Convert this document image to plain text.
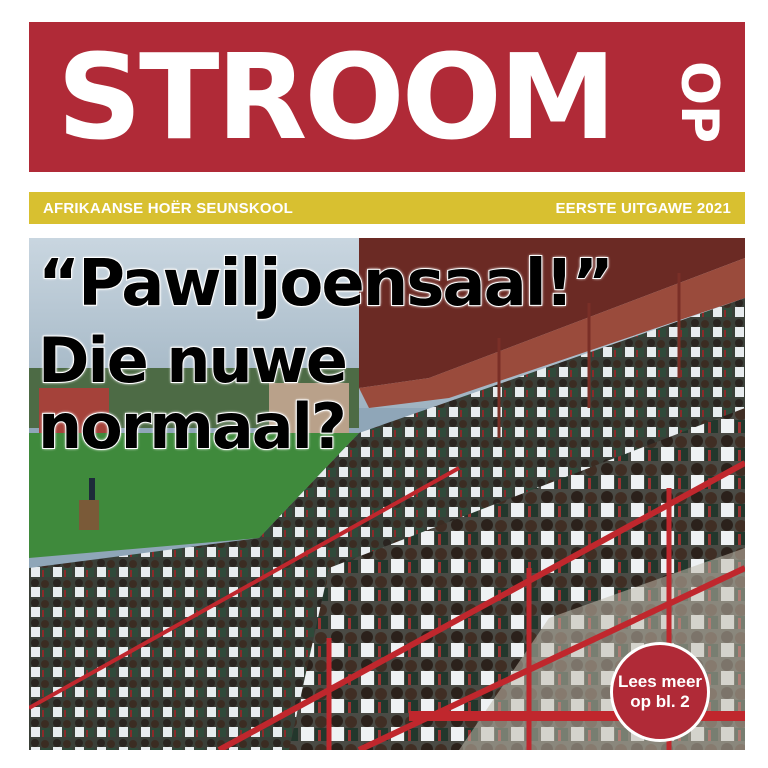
STROOM OP
AFRIKAANSE HOËR SEUNSKOOL	EERSTE UITGAWE 2021
“Pawiljoensaal!”
Die nuwe
normaal?
Lees meer
op bl. 2
